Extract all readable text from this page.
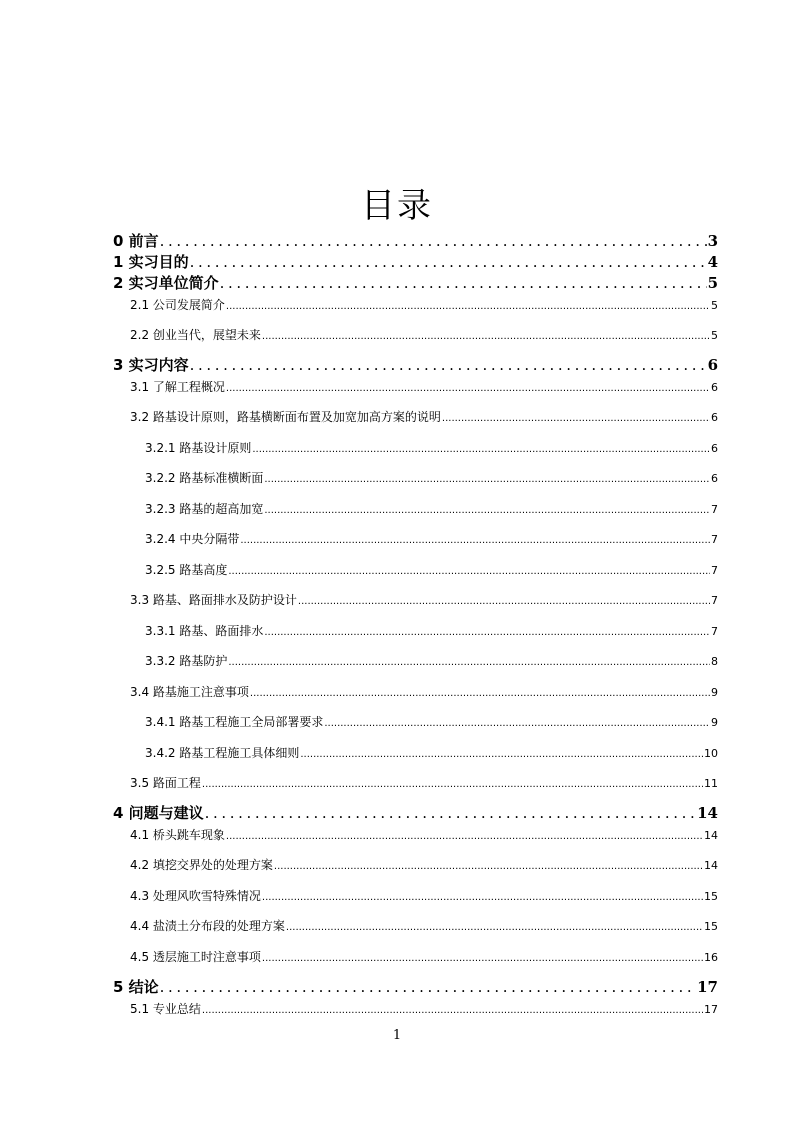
目录
0 前言 .....	3
1 实习目的 .....	4
2 实习单位简介 .....	5
2.1 公司发展简介 .....	5
2.2 创业当代，展望未来 .....	5
3 实习内容 .....	6
3.1 了解工程概况 .....	6
3.2 路基设计原则，路基横断面布置及加宽加高方案的说明 .....	6
3.2.1 路基设计原则 .....	6
3.2.2 路基标准横断面 .....	6
3.2.3 路基的超高加宽 .....	7
3.2.4 中央分隔带 .....	7
3.2.5 路基高度 .....	7
3.3 路基、路面排水及防护设计 .....	7
3.3.1 路基、路面排水 .....	7
3.3.2 路基防护 .....	8
3.4 路基施工注意事项 .....	9
3.4.1 路基工程施工全局部署要求 .....	9
3.4.2 路基工程施工具体细则 .....	10
3.5 路面工程 .....	11
4 问题与建议 .....	14
4.1 桥头跳车现象 .....	14
4.2 填挖交界处的处理方案 .....	14
4.3 处理风吹雪特殊情况 .....	15
4.4 盐渍土分布段的处理方案 .....	15
4.5 透层施工时注意事项 .....	16
5 结论 .....	17
5.1 专业总结 .....	17
1
